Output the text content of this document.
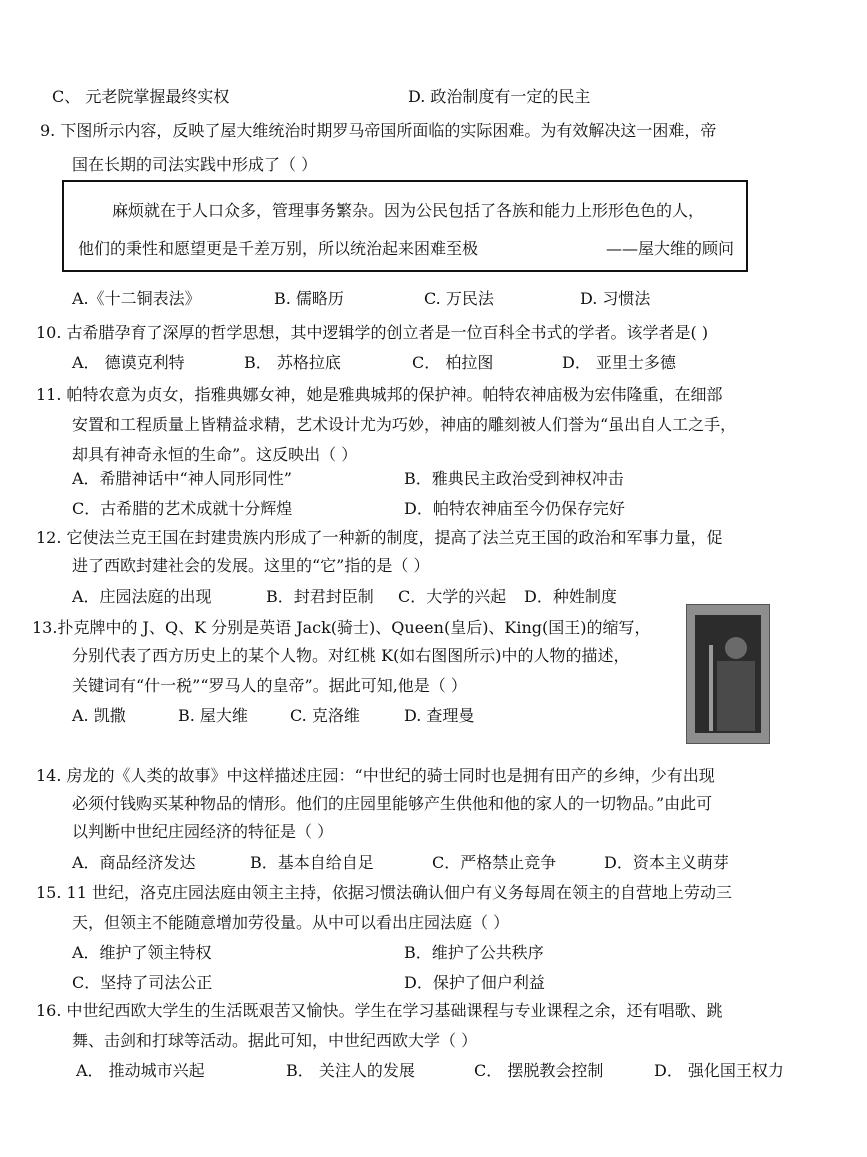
C、 元老院掌握最终实权	D. 政治制度有一定的民主
9. 下图所示内容，反映了屋大维统治时期罗马帝国所面临的实际困难。为有效解决这一困难，帝
国在长期的司法实践中形成了（ ）
麻烦就在于人口众多，管理事务繁杂。因为公民包括了各族和能力上形形色色的人，
他们的秉性和愿望更是千差万别，所以统治起来困难至极	——屋大维的顾问
A.《十二铜表法》	B. 儒略历	C. 万民法	D. 习惯法
10. 古希腊孕育了深厚的哲学思想，其中逻辑学的创立者是一位百科全书式的学者。该学者是( )
A． 德谟克利特	B． 苏格拉底	C． 柏拉图	D． 亚里士多德
11. 帕特农意为贞女，指雅典娜女神，她是雅典城邦的保护神。帕特农神庙极为宏伟隆重，在细部
安置和工程质量上皆精益求精，艺术设计尤为巧妙，神庙的雕刻被人们誉为“虽出自人工之手，
却具有神奇永恒的生命”。这反映出（ ）
A．希腊神话中“神人同形同性”	B．雅典民主政治受到神权冲击
C．古希腊的艺术成就十分辉煌	D．帕特农神庙至今仍保存完好
12. 它使法兰克王国在封建贵族内形成了一种新的制度，提高了法兰克王国的政治和军事力量，促
进了西欧封建社会的发展。这里的“它”指的是（ ）
A．庄园法庭的出现	B．封君封臣制 C．大学的兴起 D．种姓制度
13.扑克牌中的 J、Q、K 分别是英语 Jack(骑士)、Queen(皇后)、King(国王)的缩写，
分别代表了西方历史上的某个人物。对红桃 K(如右图图所示)中的人物的描述，
关键词有“什一税”“罗马人的皇帝”。据此可知,他是（ ）
A. 凯撒	B. 屋大维	C. 克洛维	D. 查理曼
14. 房龙的《人类的故事》中这样描述庄园：“中世纪的骑士同时也是拥有田产的乡绅，少有出现
必须付钱购买某种物品的情形。他们的庄园里能够产生供他和他的家人的一切物品。”由此可
以判断中世纪庄园经济的特征是（ ）
A．商品经济发达	B．基本自给自足	C．严格禁止竞争	D．资本主义萌芽
15. 11 世纪，洛克庄园法庭由领主主持，依据习惯法确认佃户有义务每周在领主的自营地上劳动三
天，但领主不能随意增加劳役量。从中可以看出庄园法庭（ ）
A．维护了领主特权	B．维护了公共秩序
C．坚持了司法公正	D．保护了佃户利益
16. 中世纪西欧大学生的生活既艰苦又愉快。学生在学习基础课程与专业课程之余，还有唱歌、跳
舞、击剑和打球等活动。据此可知，中世纪西欧大学（ ）
A． 推动城市兴起	B． 关注人的发展	C． 摆脱教会控制	D． 强化国王权力
